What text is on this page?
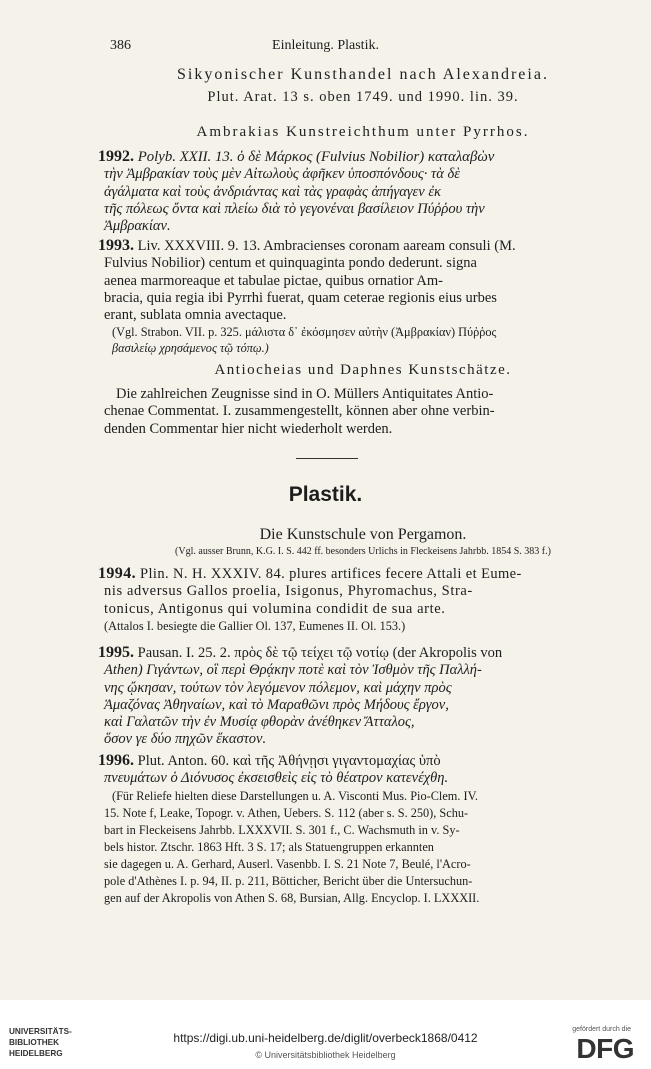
386	Einleitung. Plastik.
Sikyonischer Kunsthandel nach Alexandreia.
Plut. Arat. 13 s. oben 1749. und 1990. lin. 39.
Ambrakias Kunstreichthum unter Pyrrhos.
1992. Polyb. XXII. 13. ὁ δὲ Μάρκος (Fulvius Nobilior) καταλαβὼν
τὴν Ἀμβρακίαν τοὺς μὲν Αἰτωλοὺς ἀφῆκεν ὑποσπόνδους· τὰ δὲ
ἀγάλματα καὶ τοὺς ἀνδριάντας καὶ τὰς γραφὰς ἀπήγαγεν ἐκ
τῆς πόλεως ὄντα καὶ πλείω διὰ τὸ γεγονέναι βασίλειον Πύῤῥου τὴν
Ἀμβρακίαν.
1993. Liv. XXXVIII. 9. 13. Ambracienses coronam aaream consuli (M.
Fulvius Nobilior) centum et quinquaginta pondo dederunt. signa
aenea marmoreaque et tabulae pictae, quibus ornatior Am-
bracia, quia regia ibi Pyrrhi fuerat, quam ceterae regionis eius urbes
erant, sublata omnia avectaque.
(Vgl. Strabon. VII. p. 325. μάλιστα δ᾽ ἐκόσμησεν αὐτὴν (Ἀμβρακίαν) Πύῤῥος
βασιλείῳ χρησάμενος τῷ τόπῳ.)
Antiocheias und Daphnes Kunstschätze.
Die zahlreichen Zeugnisse sind in O. Müllers Antiquitates Antio-
chenae Commentat. I. zusammengestellt, können aber ohne verbin-
denden Commentar hier nicht wiederholt werden.
Plastik.
Die Kunstschule von Pergamon.
(Vgl. ausser Brunn, K.G. I. S. 442 ff. besonders Urlichs in Fleckeisens Jahrbb. 1854 S. 383 f.)
1994. Plin. N. H. XXXIV. 84. plures artifices fecere Attali et Eume-
nis adversus Gallos proelia, Isigonus, Phyromachus, Stra-
tonicus, Antigonus qui volumina condidit de sua arte.
(Attalos I. besiegte die Gallier Ol. 137, Eumenes II. Ol. 153.)
1995. Pausan. I. 25. 2. πρὸς δὲ τῷ τείχει τῷ νοτίῳ (der Akropolis von
Athen) Γιγάντων, οἳ περὶ Θρᾴκην ποτὲ καὶ τὸν Ἰσθμὸν τῆς Παλλή-
νης ᾤκησαν, τούτων τὸν λεγόμενον πόλεμον, καὶ μάχην πρὸς
Ἀμαζόνας Ἀθηναίων, καὶ τὸ Μαραθῶνι πρὸς Μήδους ἔργον,
καὶ Γαλατῶν τὴν ἐν Μυσίᾳ φθορὰν ἀνέθηκεν Ἄτταλος,
ὅσον γε δύο πηχῶν ἕκαστον.
1996. Plut. Anton. 60. καὶ τῆς Ἀθήνῃσι γιγαντομαχίας ὑπὸ
πνευμάτων ὁ Διόνυσος ἐκσεισθεὶς εἰς τὸ θέατρον κατενέχθη.
(Für Reliefe hielten diese Darstellungen u. A. Visconti Mus. Pio-Clem. IV.
15. Note f, Leake, Topogr. v. Athen, Uebers. S. 112 (aber s. S. 250), Schu-
bart in Fleckeisens Jahrbb. LXXXVII. S. 301 f., C. Wachsmuth in v. Sy-
bels histor. Ztschr. 1863 Hft. 3 S. 17; als Statuengruppen erkannten
sie dagegen u. A. Gerhard, Auserl. Vasenbb. I. S. 21 Note 7, Beulé, l'Acro-
pole d'Athènes I. p. 94, II. p. 211, Bötticher, Bericht über die Untersuchun-
gen auf der Akropolis von Athen S. 68, Bursian, Allg. Encyclop. I. LXXXII.
UNIVERSITÄTS-
BIBLIOTHEK
HEIDELBERG
https://digi.ub.uni-heidelberg.de/diglit/overbeck1868/0412
© Universitätsbibliothek Heidelberg
gefördert durch die
DFG
